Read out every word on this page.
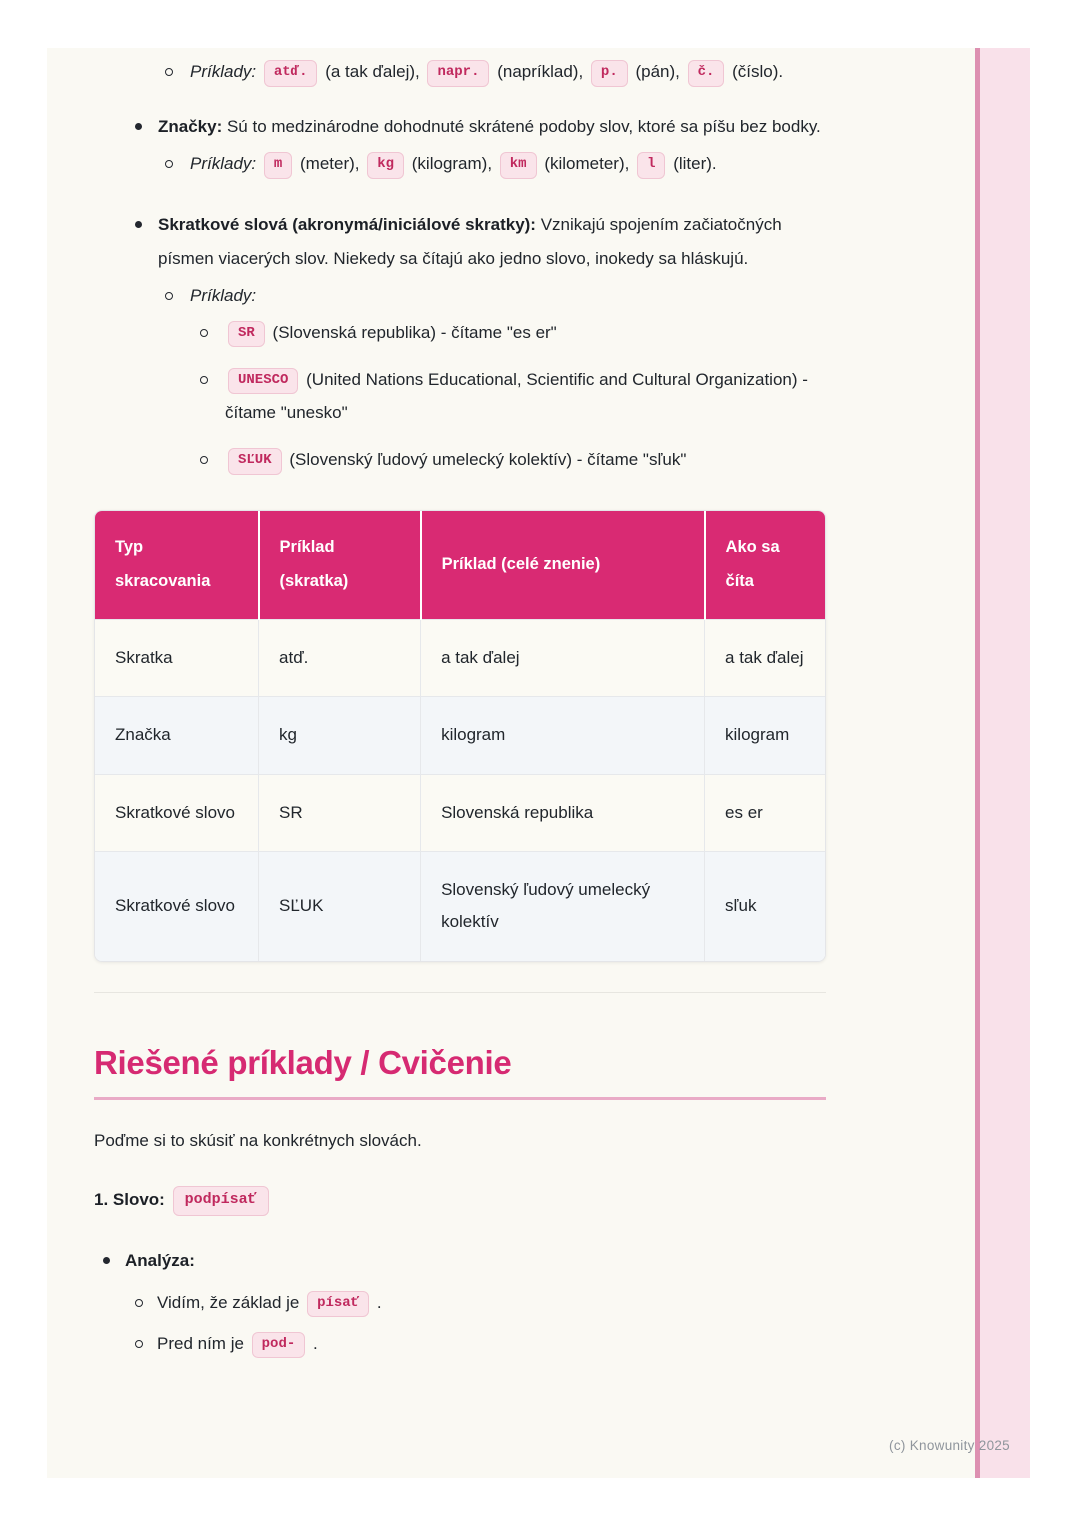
Príklady: atď. (a tak ďalej), napr. (napríklad), p. (pán), č. (číslo).
Značky: Sú to medzinárodne dohodnuté skrátené podoby slov, ktoré sa píšu bez bodky.
Príklady: m (meter), kg (kilogram), km (kilometer), l (liter).
Skratkové slová (akronymá/iniciálové skratky): Vznikajú spojením začiatočných písmen viacerých slov. Niekedy sa čítajú ako jedno slovo, inokedy sa hláskujú.
Príklady:
SR (Slovenská republika) - čítame "es er"
UNESCO (United Nations Educational, Scientific and Cultural Organization) - čítame "unesko"
SĽUK (Slovenský ľudový umelecký kolektív) - čítame "sľuk"
Typ skracovania	Príklad (skratka)	Príklad (celé znenie)	Ako sa číta
Skratka	atď.	a tak ďalej	a tak ďalej
Značka	kg	kilogram	kilogram
Skratkové slovo	SR	Slovenská republika	es er
Skratkové slovo	SĽUK	Slovenský ľudový umelecký kolektív	sľuk
Riešené príklady / Cvičenie

Poďme si to skúsiť na konkrétnych slovách.

1. Slovo: podpísať

Analýza:
Vidím, že základ je písať .
Pred ním je pod- .
(c) Knowunity 2025
